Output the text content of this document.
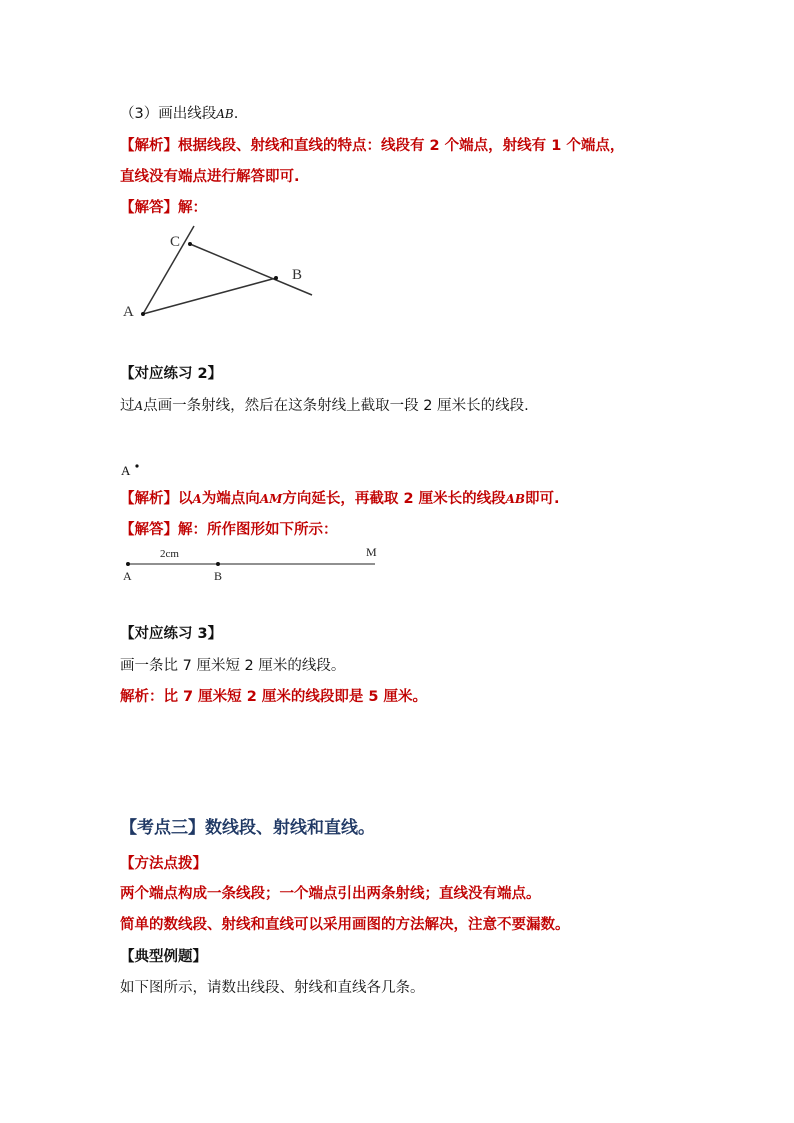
（3）画出线段AB.
【解析】根据线段、射线和直线的特点：线段有 2 个端点，射线有 1 个端点，
直线没有端点进行解答即可.
【解答】解：
C
B
A
【对应练习 2】
过A点画一条射线，然后在这条射线上截取一段 2 厘米长的线段.
A
【解析】以A为端点向AM方向延长，再截取 2 厘米长的线段AB即可.
【解答】解：所作图形如下所示：
2cm	M
A	B
【对应练习 3】
画一条比 7 厘米短 2 厘米的线段。
解析：比 7 厘米短 2 厘米的线段即是 5 厘米。
【考点三】数线段、射线和直线。
【方法点拨】
两个端点构成一条线段；一个端点引出两条射线；直线没有端点。
简单的数线段、射线和直线可以采用画图的方法解决，注意不要漏数。
【典型例题】
如下图所示，请数出线段、射线和直线各几条。
